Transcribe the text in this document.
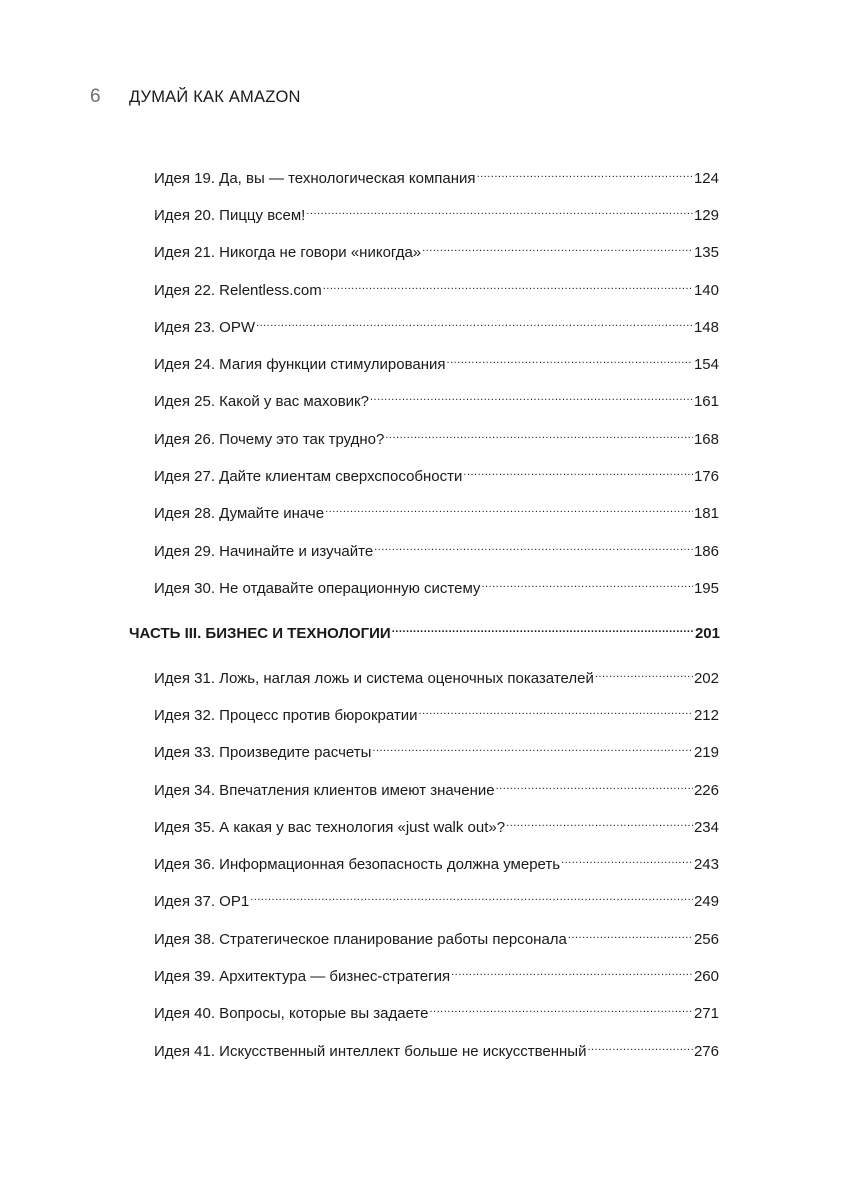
6	ДУМАЙ КАК AMAZON
Идея 19. Да, вы — технологическая компания .....	124
Идея 20. Пиццу всем! .....	129
Идея 21. Никогда не говори «никогда» .....	135
Идея 22. Relentless.com .....	140
Идея 23. OPW .....	148
Идея 24. Магия функции стимулирования .....	154
Идея 25. Какой у вас маховик? .....	161
Идея 26. Почему это так трудно? .....	168
Идея 27. Дайте клиентам сверхспособности .....	176
Идея 28. Думайте иначе .....	181
Идея 29. Начинайте и изучайте .....	186
Идея 30. Не отдавайте операционную систему .....	195
ЧАСТЬ III. БИЗНЕС И ТЕХНОЛОГИИ .....	201
Идея 31. Ложь, наглая ложь и система оценочных показателей .....	202
Идея 32. Процесс против бюрократии .....	212
Идея 33. Произведите расчеты .....	219
Идея 34. Впечатления клиентов имеют значение .....	226
Идея 35. А какая у вас технология «just walk out»? .....	234
Идея 36. Информационная безопасность должна умереть .....	243
Идея 37. OP1 .....	249
Идея 38. Стратегическое планирование работы персонала .....	256
Идея 39. Архитектура — бизнес-стратегия .....	260
Идея 40. Вопросы, которые вы задаете .....	271
Идея 41. Искусственный интеллект больше не искусственный .....	276
